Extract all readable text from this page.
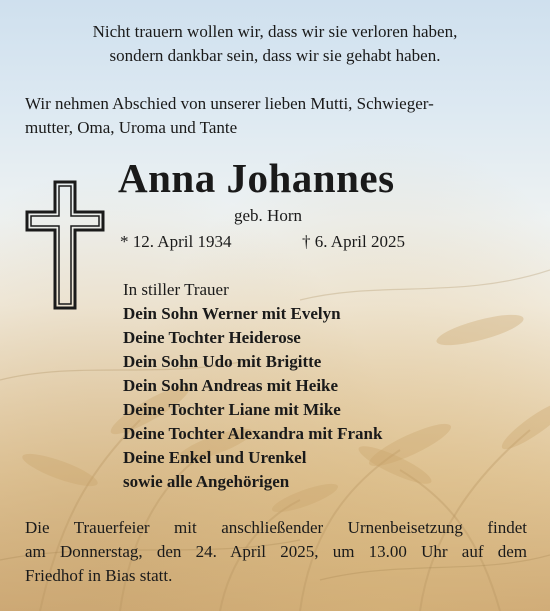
Nicht trauern wollen wir, dass wir sie verloren haben,
sondern dankbar sein, dass wir sie gehabt haben.
Wir nehmen Abschied von unserer lieben Mutti, Schwieger-
mutter, Oma, Uroma und Tante
Anna Johannes
geb. Horn
* 12. April 1934	† 6. April 2025
In stiller Trauer
Dein Sohn Werner mit Evelyn
Deine Tochter Heiderose
Dein Sohn Udo mit Brigitte
Dein Sohn Andreas mit Heike
Deine Tochter Liane mit Mike
Deine Tochter Alexandra mit Frank
Deine Enkel und Urenkel
sowie alle Angehörigen
Die Trauerfeier mit anschließender Urnenbeisetzung findet
am Donnerstag, den 24. April 2025, um 13.00 Uhr auf dem
Friedhof in Bias statt.
